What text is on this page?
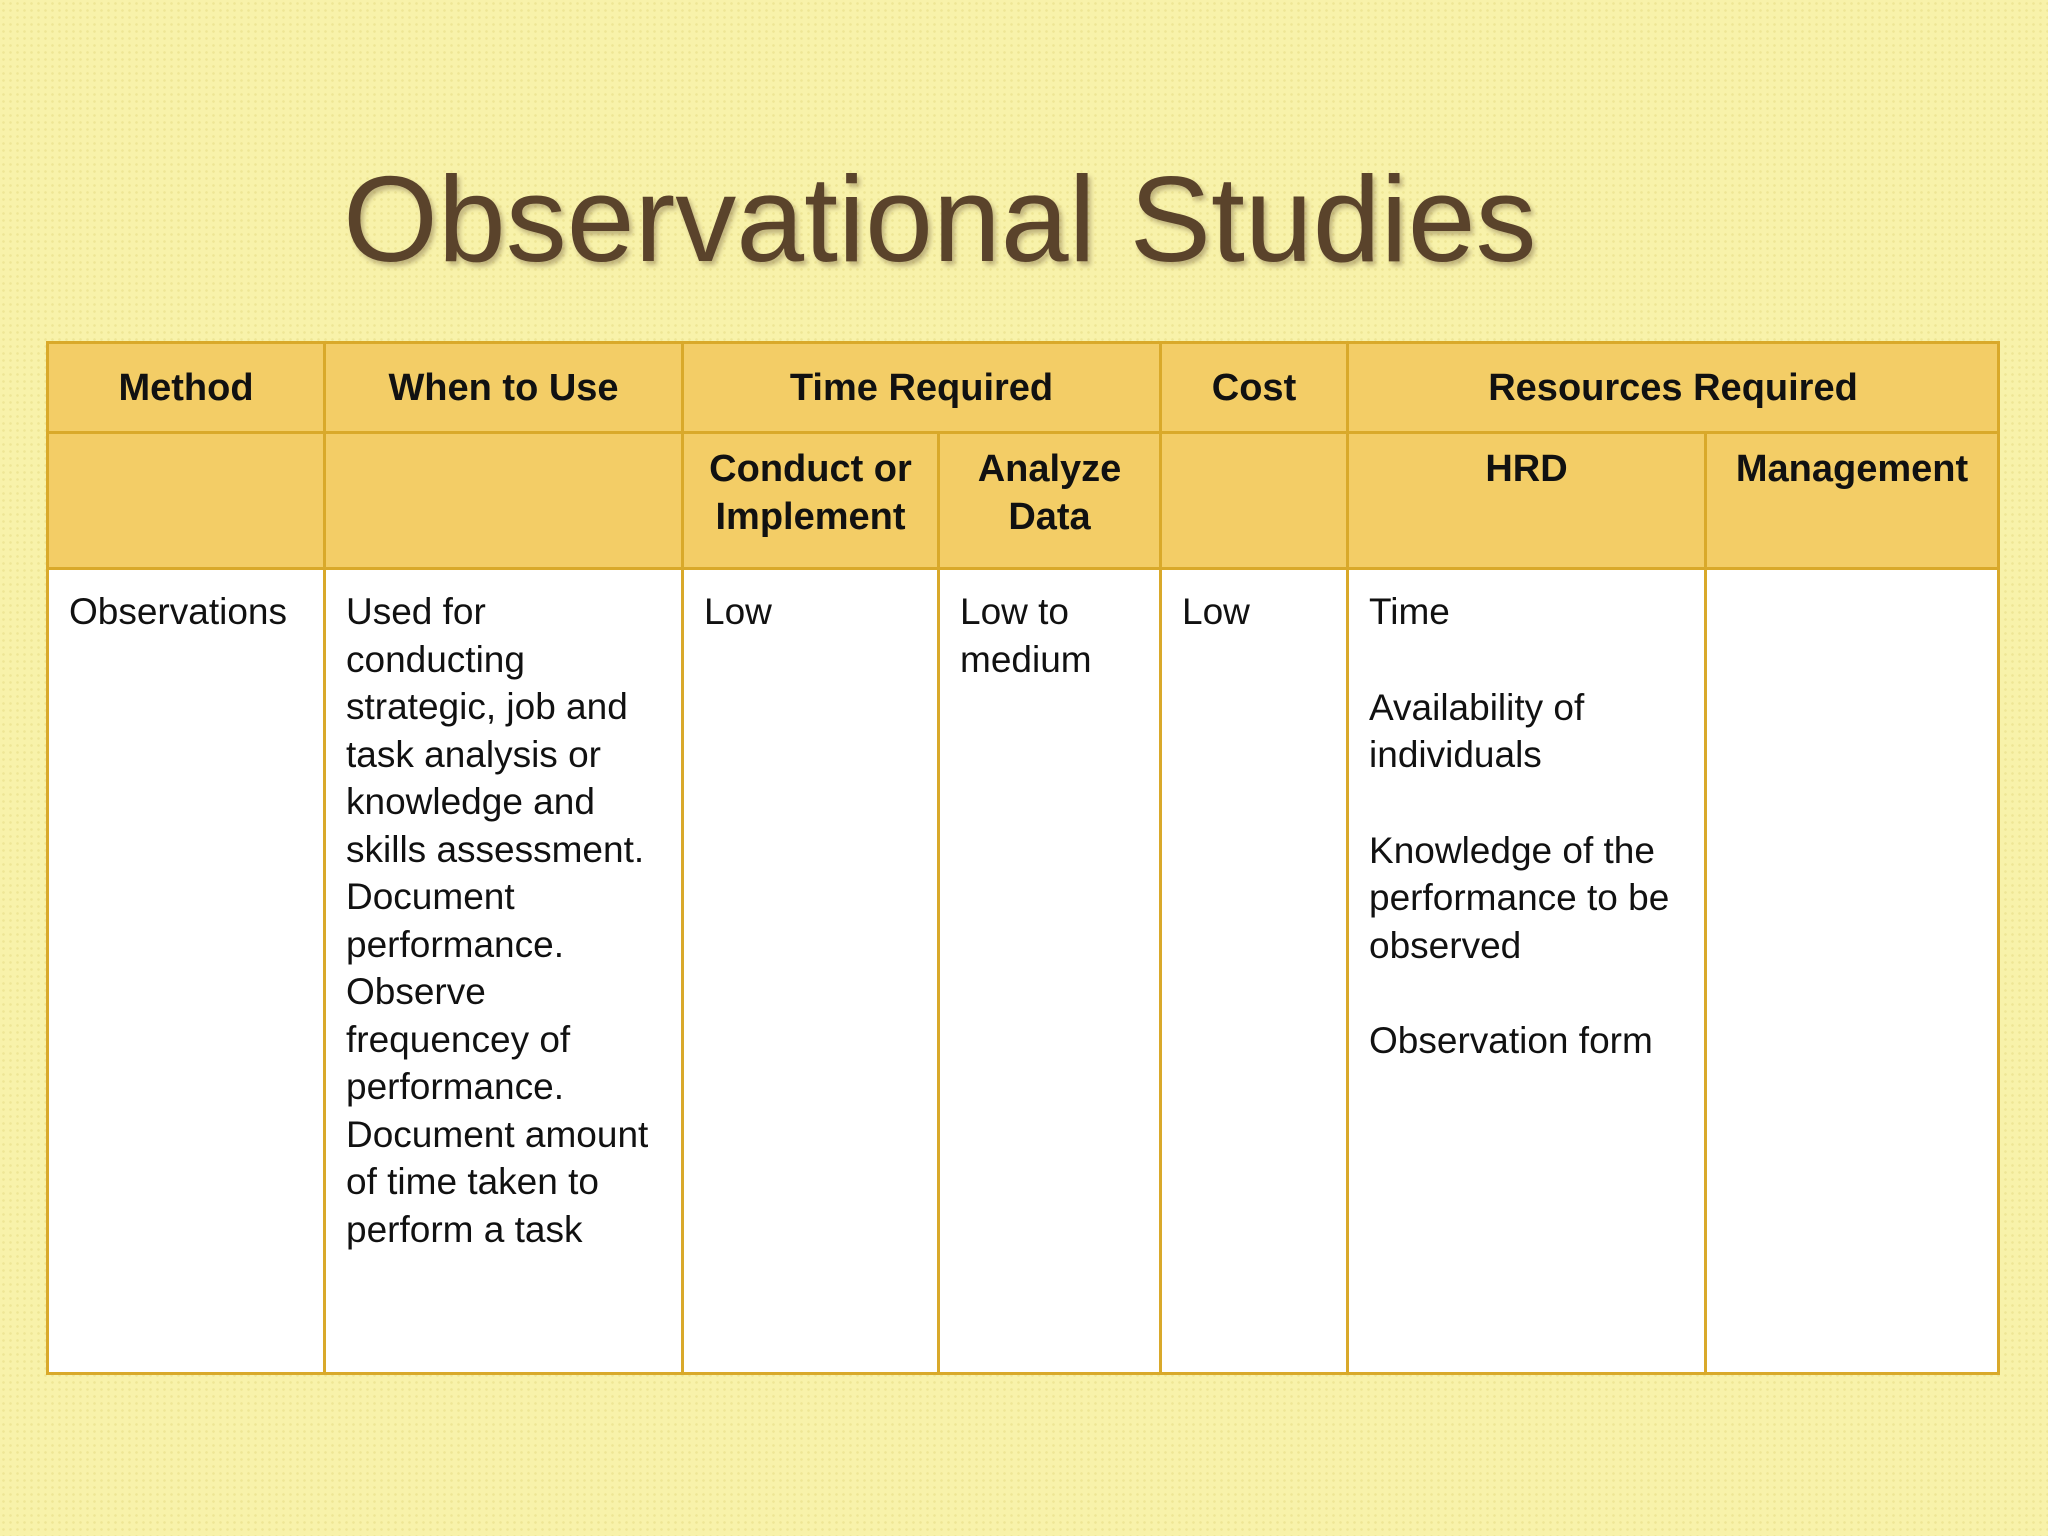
Observational Studies
Method	When to Use	Time Required		Cost	Resources Required	
		Conduct or Implement	Analyze Data		HRD	Management
Observations	Used for conducting strategic, job and task analysis or knowledge and skills assessment. Document performance. Observe frequencey of performance. Document amount of time taken to perform a task	Low	Low to medium	Low	Time
Availability of individuals
Knowledge of the performance to be observed
Observation form	
